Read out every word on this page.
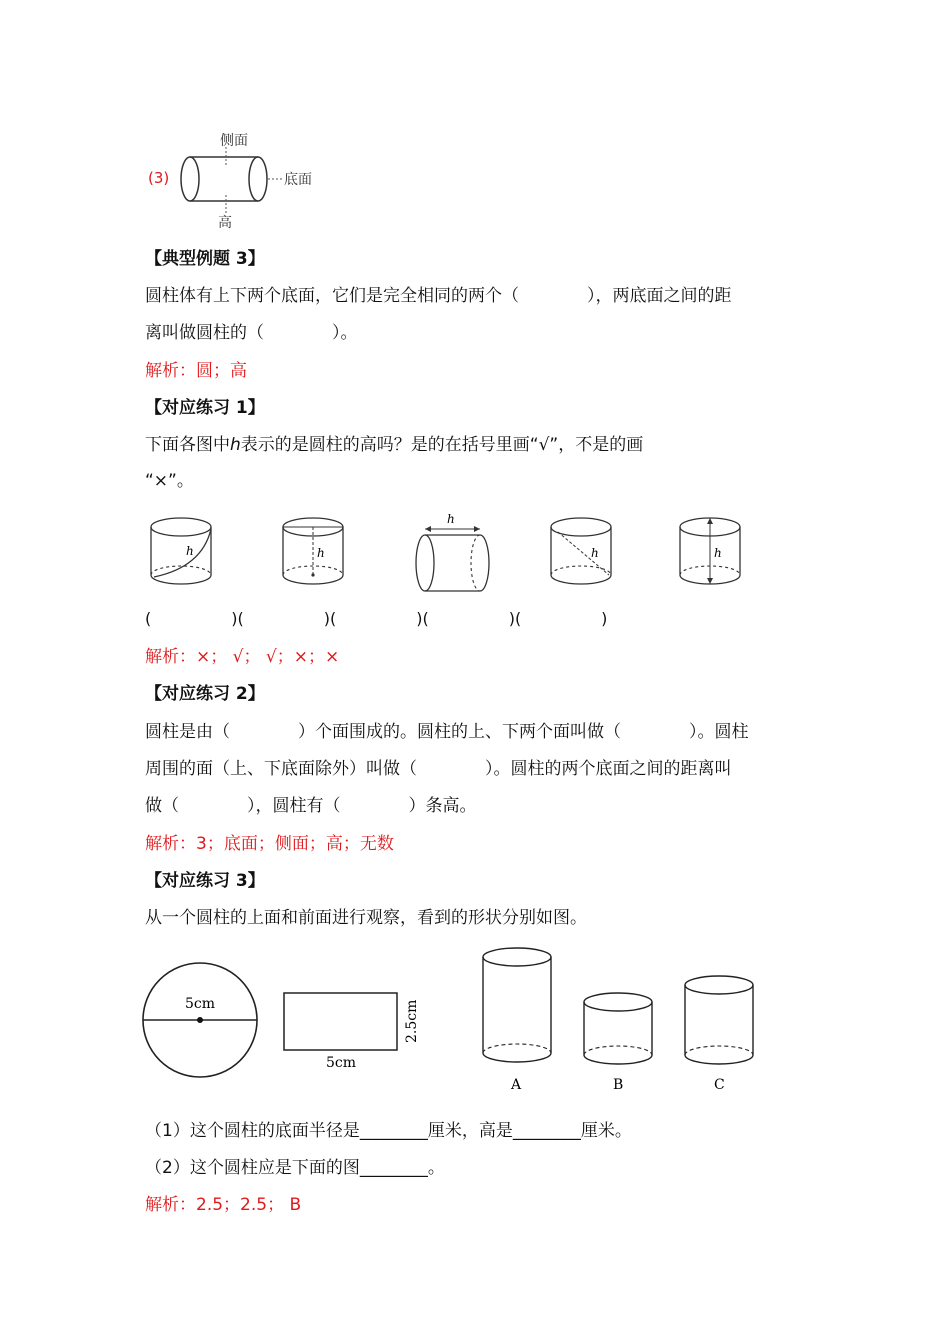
(3)
侧面
底面
高
【典型例题 3】
圆柱体有上下两个底面，它们是完全相同的两个（　　　　），两底面之间的距
离叫做圆柱的（　　　　）。
解析：圆；高
【对应练习 1】
下面各图中ℎ表示的是圆柱的高吗？是的在括号里画“√”，不是的画
“×”。
h	h
h
h	h
(　　　　　)(　　　　　)(　　　　　)(　　　　　)(　　　　　)
解析：×； √； √；×；×
【对应练习 2】
圆柱是由（　　　　）个面围成的。圆柱的上、下两个面叫做（　　　　）。圆柱
周围的面（上、下底面除外）叫做（　　　　）。圆柱的两个底面之间的距离叫
做（　　　　），圆柱有（　　　　）条高。
解析：3；底面；侧面；高；无数
【对应练习 3】
从一个圆柱的上面和前面进行观察，看到的形状分别如图。
5cm
5cm
2.5cm
A	B	C
（1）这个圆柱的底面半径是________厘米，高是________厘米。
（2）这个圆柱应是下面的图________。
解析：2.5；2.5； B
